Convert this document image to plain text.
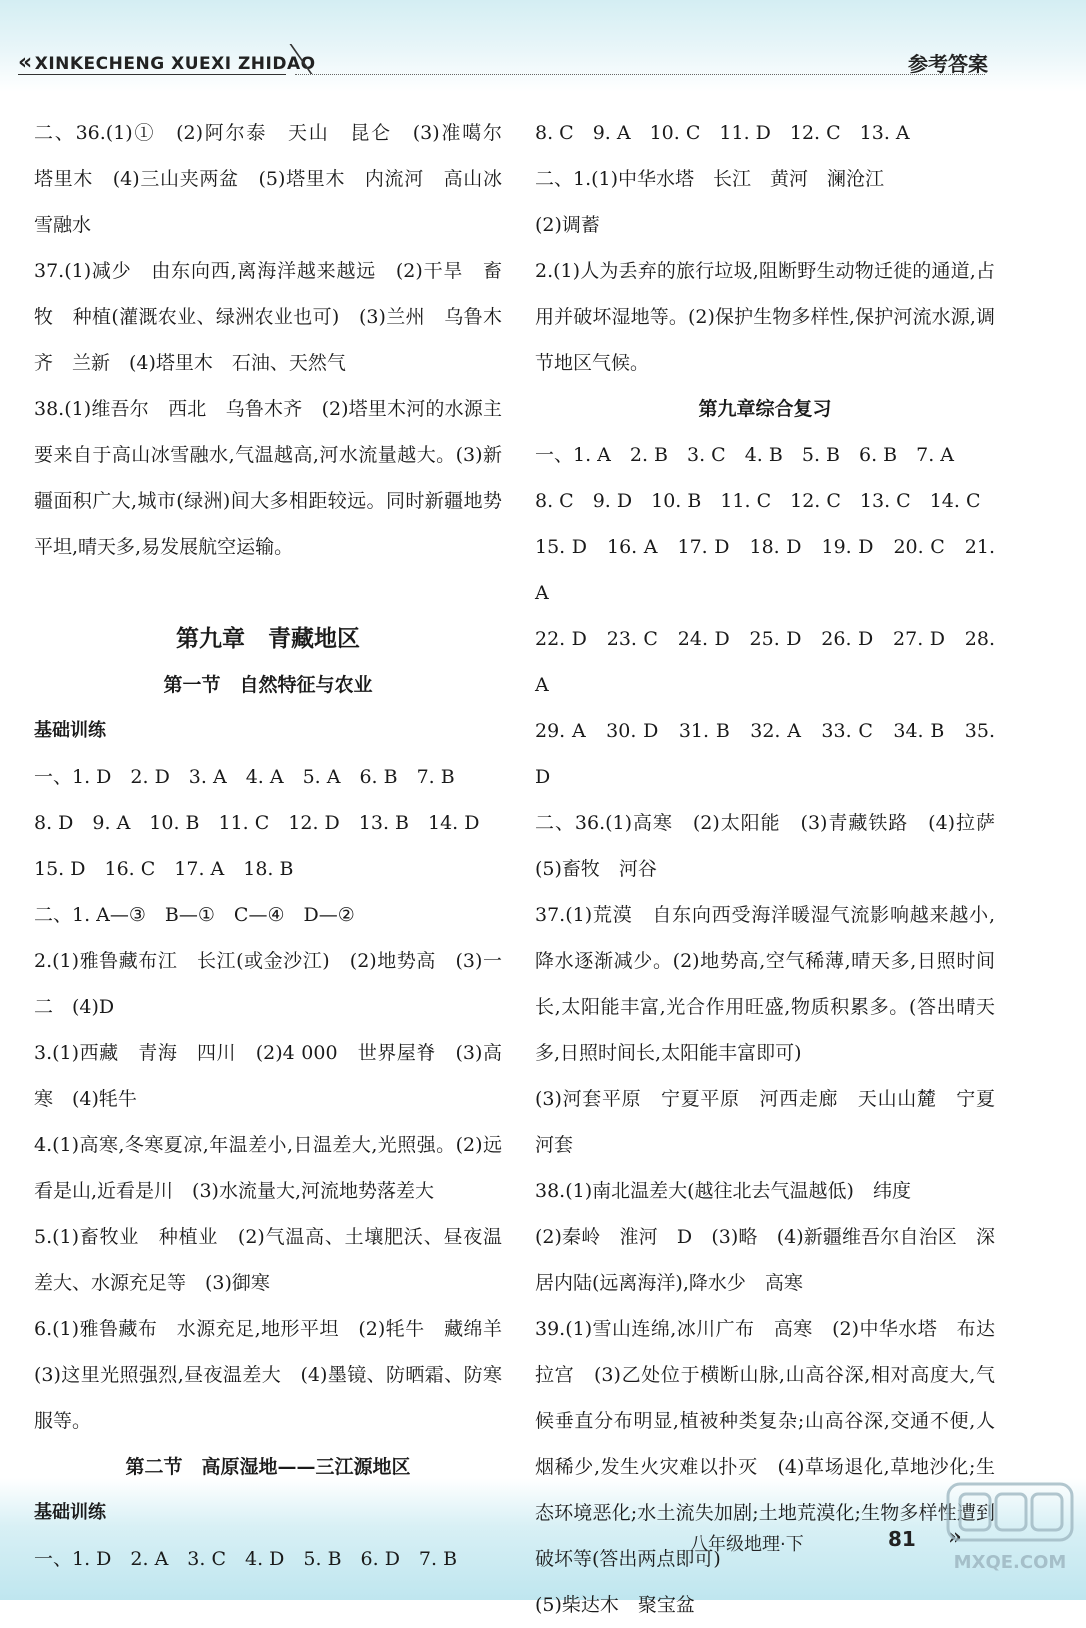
« XINKECHENG XUEXI ZHIDAO	参考答案

二、36.(1)①　(2)阿尔泰　天山　昆仑　(3)准噶尔　塔里木　(4)三山夹两盆　(5)塔里木　内流河　高山冰雪融水

37.(1)减少　由东向西,离海洋越来越远　(2)干旱　畜牧　种植(灌溉农业、绿洲农业也可)　(3)兰州　乌鲁木齐　兰新　(4)塔里木　石油、天然气

38.(1)维吾尔　西北　乌鲁木齐　(2)塔里木河的水源主要来自于高山冰雪融水,气温越高,河水流量越大。(3)新疆面积广大,城市(绿洲)间大多相距较远。同时新疆地势平坦,晴天多,易发展航空运输。

第九章　青藏地区

第一节　自然特征与农业

基础训练

一、1. D　2. D　3. A　4. A　5. A　6. B　7. B

8. D　9. A　10. B　11. C　12. D　13. B　14. D

15. D　16. C　17. A　18. B

二、1. A—③　B—①　C—④　D—②

2.(1)雅鲁藏布江　长江(或金沙江)　(2)地势高　(3)一　二　(4)D

3.(1)西藏　青海　四川　(2)4 000　世界屋脊　(3)高寒　(4)牦牛

4.(1)高寒,冬寒夏凉,年温差小,日温差大,光照强。(2)远看是山,近看是川　(3)水流量大,河流地势落差大

5.(1)畜牧业　种植业　(2)气温高、土壤肥沃、昼夜温差大、水源充足等　(3)御寒

6.(1)雅鲁藏布　水源充足,地形平坦　(2)牦牛　藏绵羊　(3)这里光照强烈,昼夜温差大　(4)墨镜、防晒霜、防寒服等。

第二节　高原湿地——三江源地区

基础训练

一、1. D　2. A　3. C　4. D　5. B　6. D　7. B

8. C　9. A　10. C　11. D　12. C　13. A

二、1.(1)中华水塔　长江　黄河　澜沧江

(2)调蓄

2.(1)人为丢弃的旅行垃圾,阻断野生动物迁徙的通道,占用并破坏湿地等。(2)保护生物多样性,保护河流水源,调节地区气候。

第九章综合复习

一、1. A　2. B　3. C　4. B　5. B　6. B　7. A

8. C　9. D　10. B　11. C　12. C　13. C　14. C

15. D　16. A　17. D　18. D　19. D　20. C　21. A

22. D　23. C　24. D　25. D　26. D　27. D　28. A

29. A　30. D　31. B　32. A　33. C　34. B　35. D

二、36.(1)高寒　(2)太阳能　(3)青藏铁路　(4)拉萨　(5)畜牧　河谷

37.(1)荒漠　自东向西受海洋暖湿气流影响越来越小,降水逐渐减少。(2)地势高,空气稀薄,晴天多,日照时间长,太阳能丰富,光合作用旺盛,物质积累多。(答出晴天多,日照时间长,太阳能丰富即可)

(3)河套平原　宁夏平原　河西走廊　天山山麓　宁夏　河套

38.(1)南北温差大(越往北去气温越低)　纬度

(2)秦岭　淮河　D　(3)略　(4)新疆维吾尔自治区　深居内陆(远离海洋),降水少　高寒

39.(1)雪山连绵,冰川广布　高寒　(2)中华水塔　布达拉宫　(3)乙处位于横断山脉,山高谷深,相对高度大,气候垂直分布明显,植被种类复杂;山高谷深,交通不便,人烟稀少,发生火灾难以扑灭　(4)草场退化,草地沙化;生态环境恶化;水土流失加剧;土地荒漠化;生物多样性遭到破坏等(答出两点即可)

(5)柴达木　聚宝盆

八年级地理·下	81 »
MXQE.COM
